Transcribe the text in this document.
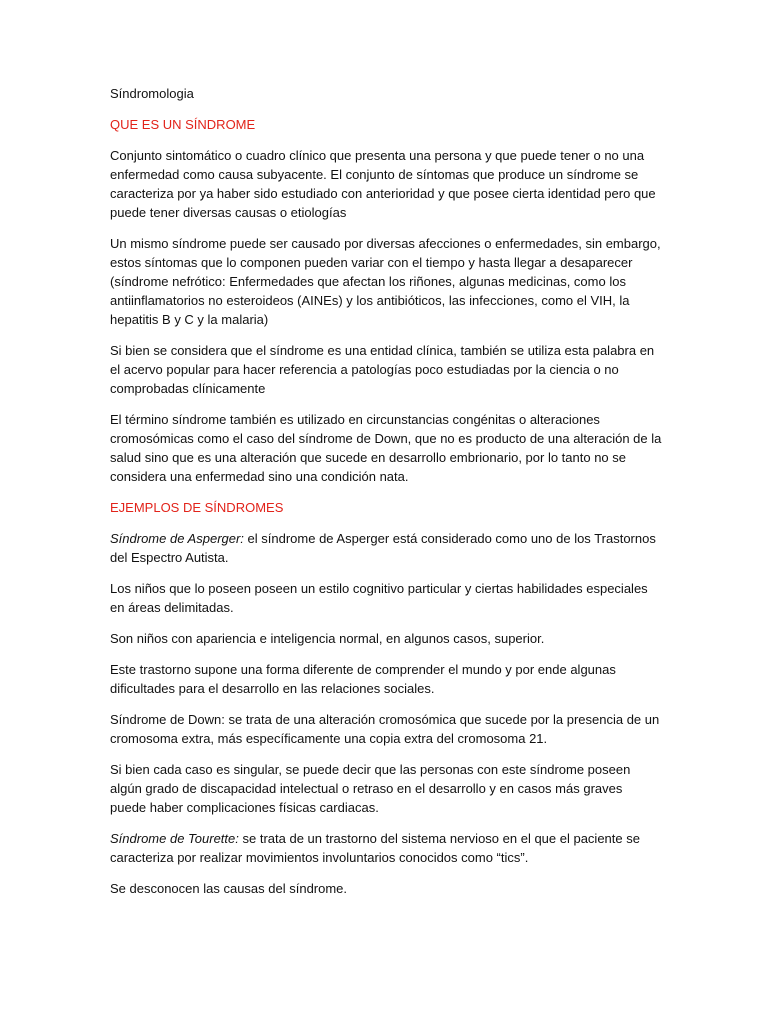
Síndromologia
QUE ES UN SÍNDROME

Conjunto sintomático o cuadro clínico que presenta una persona y que puede tener o no una enfermedad como causa subyacente. El conjunto de síntomas que produce un síndrome se caracteriza por ya haber sido estudiado con anterioridad y que posee cierta identidad pero que puede tener diversas causas o etiologías

Un mismo síndrome puede ser causado por diversas afecciones o enfermedades, sin embargo, estos síntomas que lo componen pueden variar con el tiempo y hasta llegar a desaparecer (síndrome nefrótico: Enfermedades que afectan los riñones, algunas medicinas, como los antiinflamatorios no esteroideos (AINEs) y los antibióticos, las infecciones, como el VIH, la hepatitis B y C y la malaria)

Si bien se considera que el síndrome es una entidad clínica, también se utiliza esta palabra en el acervo popular para hacer referencia a patologías poco estudiadas por la ciencia o no comprobadas clínicamente

El término síndrome también es utilizado en circunstancias congénitas o alteraciones cromosómicas como el caso del síndrome de Down, que no es producto de una alteración de la salud sino que es una alteración que sucede en desarrollo embrionario, por lo tanto no se considera una enfermedad sino una condición nata.

EJEMPLOS DE SÍNDROMES

Síndrome de Asperger: el síndrome de Asperger está considerado como uno de los Trastornos del Espectro Autista.

Los niños que lo poseen poseen un estilo cognitivo particular y ciertas habilidades especiales en áreas delimitadas.

Son niños con apariencia e inteligencia normal, en algunos casos, superior.

Este trastorno supone una forma diferente de comprender el mundo y por ende algunas dificultades para el desarrollo en las relaciones sociales.

Síndrome de Down: se trata de una alteración cromosómica que sucede por la presencia de un cromosoma extra, más específicamente una copia extra del cromosoma 21.

Si bien cada caso es singular, se puede decir que las personas con este síndrome poseen algún grado de discapacidad intelectual o retraso en el desarrollo y en casos más graves puede haber complicaciones físicas cardiacas.

Síndrome de Tourette: se trata de un trastorno del sistema nervioso en el que el paciente se caracteriza por realizar movimientos involuntarios conocidos como “tics”.

Se desconocen las causas del síndrome.
